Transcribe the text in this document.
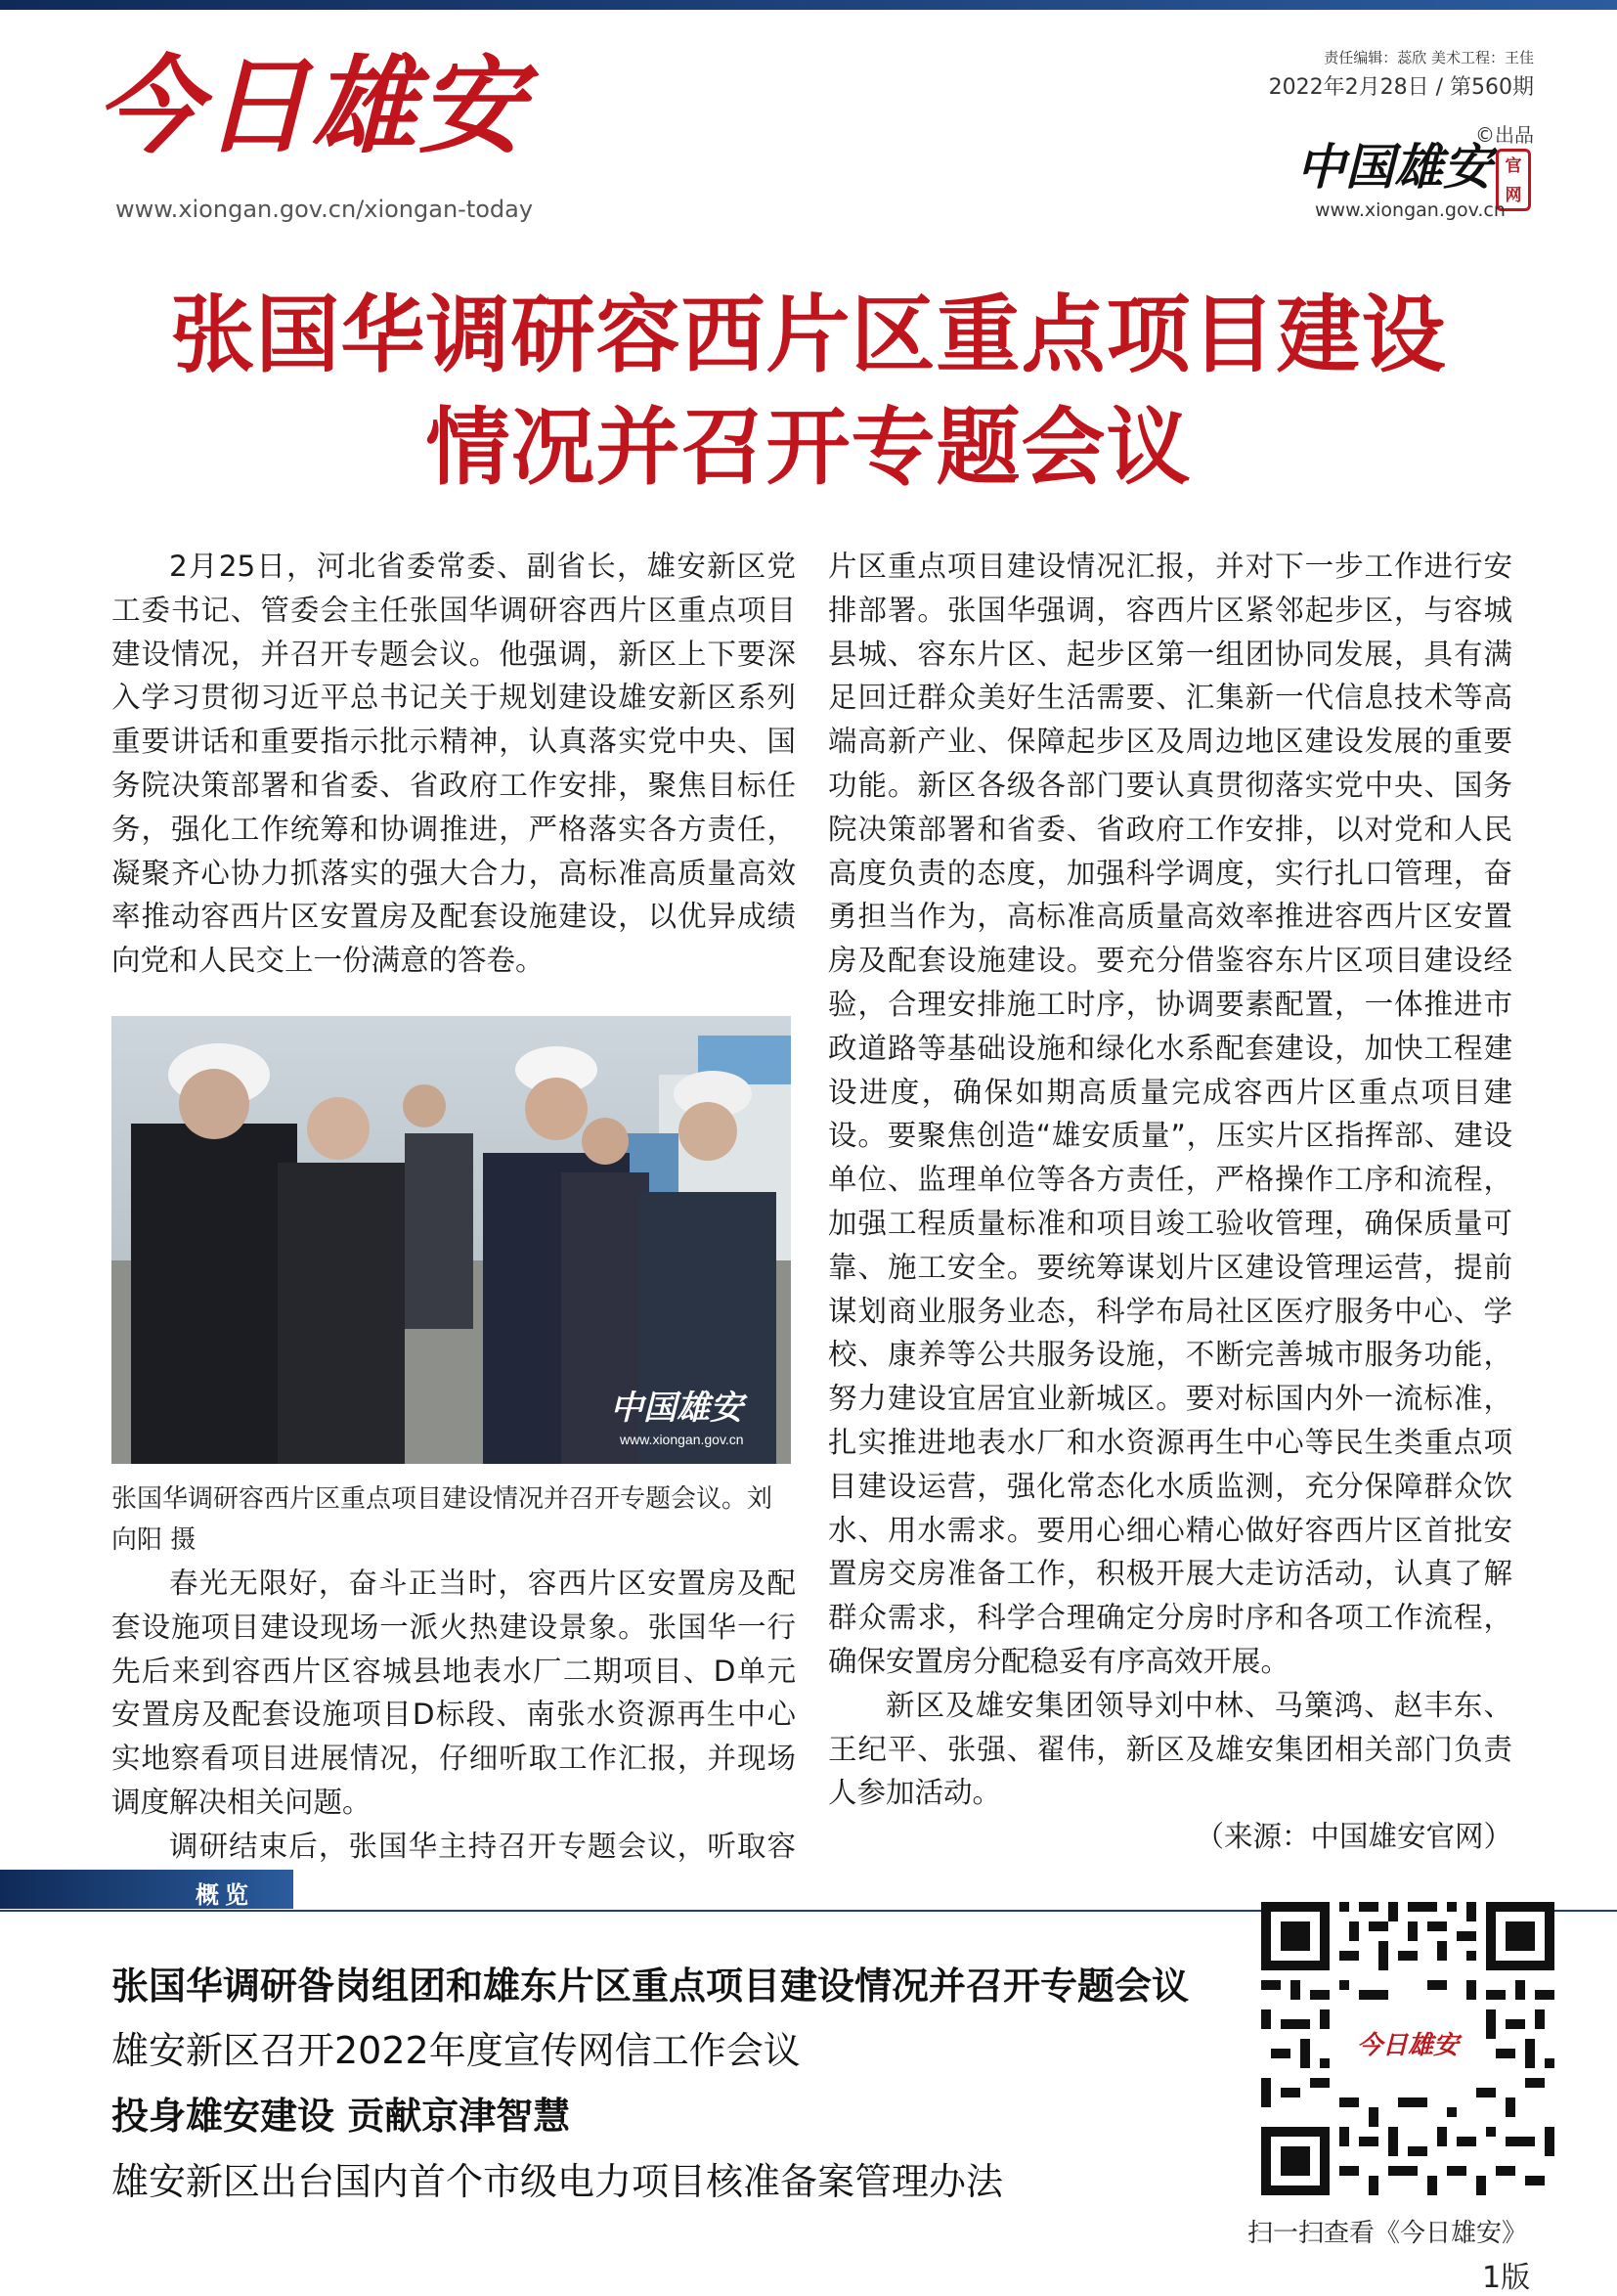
今日雄安
www.xiongan.gov.cn/xiongan-today
责任编辑：蕊欣 美术工程：王佳
2022年2月28日 / 第560期
©出品
中国雄安 官网
www.xiongan.gov.cn
张国华调研容西片区重点项目建设
情况并召开专题会议

2月25日，河北省委常委、副省长，雄安新区党工委书记、管委会主任张国华调研容西片区重点项目建设情况，并召开专题会议。他强调，新区上下要深入学习贯彻习近平总书记关于规划建设雄安新区系列重要讲话和重要指示批示精神，认真落实党中央、国务院决策部署和省委、省政府工作安排，聚焦目标任务，强化工作统筹和协调推进，严格落实各方责任，凝聚齐心协力抓落实的强大合力，高标准高质量高效率推动容西片区安置房及配套设施建设，以优异成绩向党和人民交上一份满意的答卷。

中国雄安
www.xiongan.gov.cn
张国华调研容西片区重点项目建设情况并召开专题会议。刘向阳 摄

春光无限好，奋斗正当时，容西片区安置房及配套设施项目建设现场一派火热建设景象。张国华一行先后来到容西片区容城县地表水厂二期项目、D单元安置房及配套设施项目D标段、南张水资源再生中心实地察看项目进展情况，仔细听取工作汇报，并现场调度解决相关问题。

调研结束后，张国华主持召开专题会议，听取容

片区重点项目建设情况汇报，并对下一步工作进行安排部署。张国华强调，容西片区紧邻起步区，与容城县城、容东片区、起步区第一组团协同发展，具有满足回迁群众美好生活需要、汇集新一代信息技术等高端高新产业、保障起步区及周边地区建设发展的重要功能。新区各级各部门要认真贯彻落实党中央、国务院决策部署和省委、省政府工作安排，以对党和人民高度负责的态度，加强科学调度，实行扎口管理，奋勇担当作为，高标准高质量高效率推进容西片区安置房及配套设施建设。要充分借鉴容东片区项目建设经验，合理安排施工时序，协调要素配置，一体推进市政道路等基础设施和绿化水系配套建设，加快工程建设进度，确保如期高质量完成容西片区重点项目建设。要聚焦创造“雄安质量”，压实片区指挥部、建设单位、监理单位等各方责任，严格操作工序和流程，加强工程质量标准和项目竣工验收管理，确保质量可靠、施工安全。要统筹谋划片区建设管理运营，提前谋划商业服务业态，科学布局社区医疗服务中心、学校、康养等公共服务设施，不断完善城市服务功能，努力建设宜居宜业新城区。要对标国内外一流标准，扎实推进地表水厂和水资源再生中心等民生类重点项目建设运营，强化常态化水质监测，充分保障群众饮水、用水需求。要用心细心精心做好容西片区首批安置房交房准备工作，积极开展大走访活动，认真了解群众需求，科学合理确定分房时序和各项工作流程，确保安置房分配稳妥有序高效开展。

新区及雄安集团领导刘中林、马篥鸿、赵丰东、王纪平、张强、翟伟，新区及雄安集团相关部门负责人参加活动。

（来源：中国雄安官网）

概览
张国华调研昝岗组团和雄东片区重点项目建设情况并召开专题会议
雄安新区召开2022年度宣传网信工作会议
投身雄安建设 贡献京津智慧
雄安新区出台国内首个市级电力项目核准备案管理办法
今日雄安
扫一扫查看《今日雄安》
1版
